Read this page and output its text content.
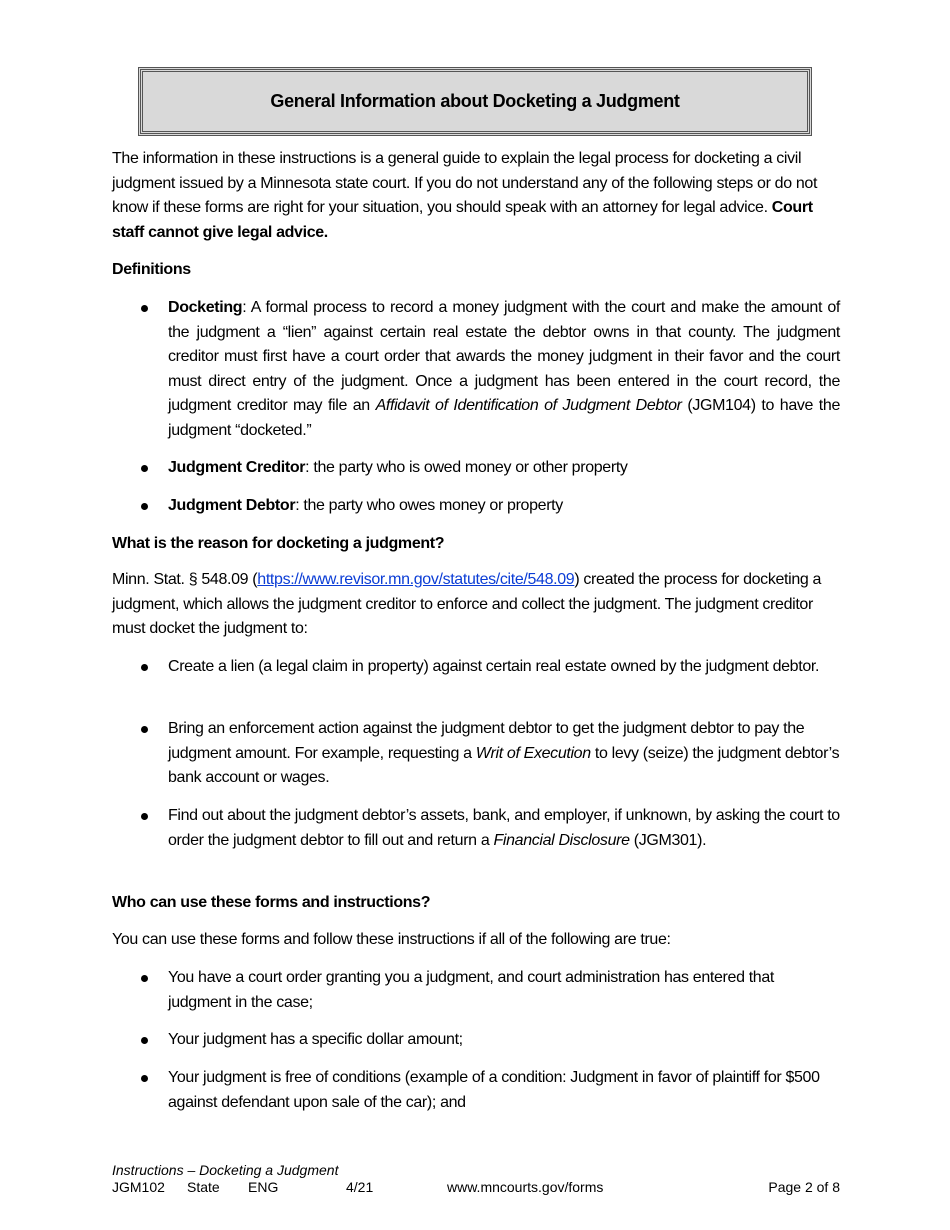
General Information about Docketing a Judgment

The information in these instructions is a general guide to explain the legal process for docketing a civil judgment issued by a Minnesota state court. If you do not understand any of the following steps or do not know if these forms are right for your situation, you should speak with an attorney for legal advice. Court staff cannot give legal advice.

Definitions

Docketing: A formal process to record a money judgment with the court and make the amount of the judgment a “lien” against certain real estate the debtor owns in that county. The judgment creditor must first have a court order that awards the money judgment in their favor and the court must direct entry of the judgment. Once a judgment has been entered in the court record, the judgment creditor may file an Affidavit of Identification of Judgment Debtor (JGM104) to have the judgment “docketed.”

Judgment Creditor: the party who is owed money or other property

Judgment Debtor: the party who owes money or property

What is the reason for docketing a judgment?

Minn. Stat. § 548.09 (https://www.revisor.mn.gov/statutes/cite/548.09) created the process for docketing a judgment, which allows the judgment creditor to enforce and collect the judgment. The judgment creditor must docket the judgment to:

Create a lien (a legal claim in property) against certain real estate owned by the judgment debtor.

Bring an enforcement action against the judgment debtor to get the judgment debtor to pay the judgment amount. For example, requesting a Writ of Execution to levy (seize) the judgment debtor’s bank account or wages.

Find out about the judgment debtor’s assets, bank, and employer, if unknown, by asking the court to order the judgment debtor to fill out and return a Financial Disclosure (JGM301).

Who can use these forms and instructions?

You can use these forms and follow these instructions if all of the following are true:

You have a court order granting you a judgment, and court administration has entered that judgment in the case;

Your judgment has a specific dollar amount;

Your judgment is free of conditions (example of a condition: Judgment in favor of plaintiff for $500 against defendant upon sale of the car); and

Instructions – Docketing a Judgment
JGM102 State ENG	4/21	www.mncourts.gov/forms	Page 2 of 8
